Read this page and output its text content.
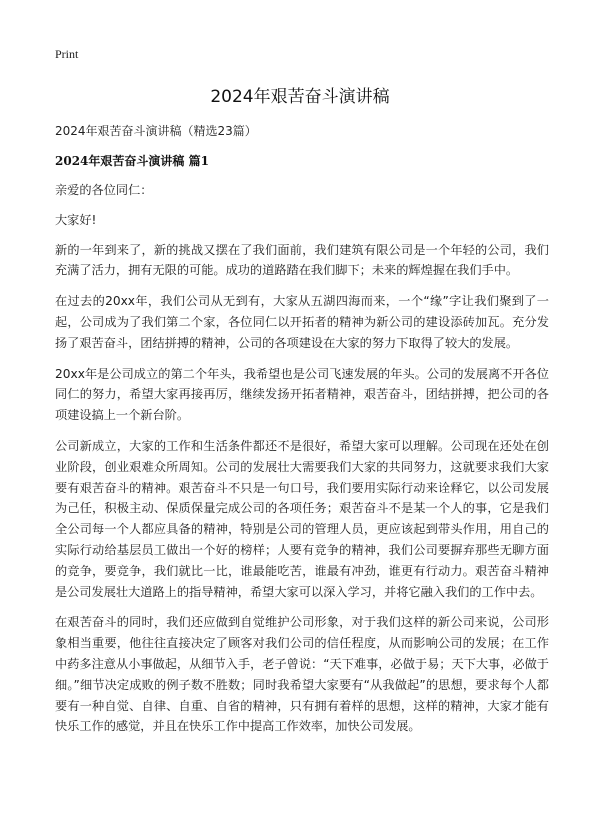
Print
2024年艰苦奋斗演讲稿
2024年艰苦奋斗演讲稿（精选23篇）
2024年艰苦奋斗演讲稿 篇1

亲爱的各位同仁：

大家好!

新的一年到来了，新的挑战又摆在了我们面前，我们建筑有限公司是一个年轻的公司，我们充满了活力，拥有无限的可能。成功的道路踏在我们脚下；未来的辉煌握在我们手中。

在过去的20xx年，我们公司从无到有，大家从五湖四海而来，一个“缘”字让我们聚到了一起，公司成为了我们第二个家，各位同仁以开拓者的精神为新公司的建设添砖加瓦。充分发扬了艰苦奋斗，团结拼搏的精神，公司的各项建设在大家的努力下取得了较大的发展。

20xx年是公司成立的第二个年头，我希望也是公司飞速发展的年头。公司的发展离不开各位同仁的努力，希望大家再接再厉，继续发扬开拓者精神，艰苦奋斗，团结拼搏，把公司的各项建设搞上一个新台阶。

公司新成立，大家的工作和生活条件都还不是很好，希望大家可以理解。公司现在还处在创业阶段，创业艰难众所周知。公司的发展壮大需要我们大家的共同努力，这就要求我们大家要有艰苦奋斗的精神。艰苦奋斗不只是一句口号，我们要用实际行动来诠释它，以公司发展为己任，积极主动、保质保量完成公司的各项任务；艰苦奋斗不是某一个人的事，它是我们全公司每一个人都应具备的精神，特别是公司的管理人员，更应该起到带头作用，用自己的实际行动给基层员工做出一个好的榜样；人要有竞争的精神，我们公司要摒弃那些无聊方面的竞争，要竞争，我们就比一比，谁最能吃苦，谁最有冲劲，谁更有行动力。艰苦奋斗精神是公司发展壮大道路上的指导精神，希望大家可以深入学习，并将它融入我们的工作中去。

在艰苦奋斗的同时，我们还应做到自觉维护公司形象，对于我们这样的新公司来说，公司形象相当重要，他往往直接决定了顾客对我们公司的信任程度，从而影响公司的发展；在工作中药多注意从小事做起，从细节入手，老子曾说：“天下难事，必做于易；天下大事，必做于细。”细节决定成败的例子数不胜数；同时我希望大家要有“从我做起”的思想，要求每个人都要有一种自觉、自律、自重、自省的精神，只有拥有着样的思想，这样的精神，大家才能有快乐工作的感觉，并且在快乐工作中提高工作效率，加快公司发展。
